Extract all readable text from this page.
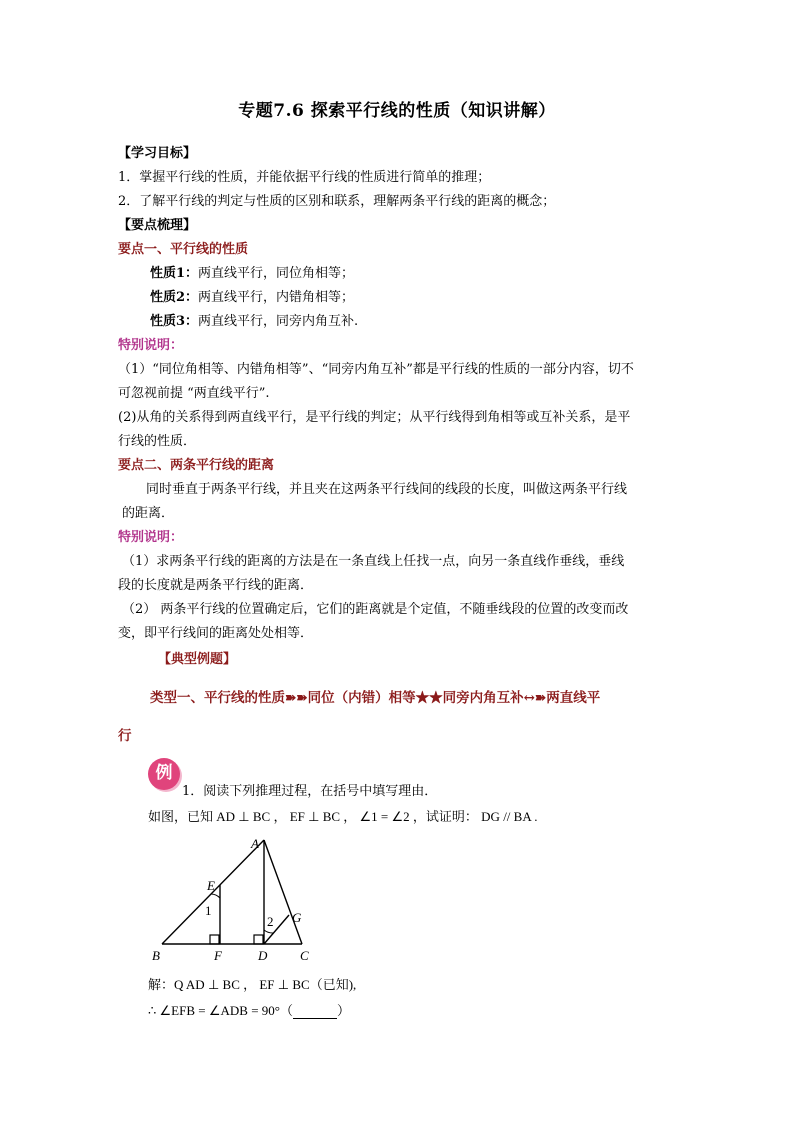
专题7.6 探索平行线的性质（知识讲解）
【学习目标】
1．掌握平行线的性质，并能依据平行线的性质进行简单的推理；
2．了解平行线的判定与性质的区别和联系，理解两条平行线的距离的概念；
【要点梳理】
要点一、平行线的性质
性质1：两直线平行，同位角相等；
性质2：两直线平行，内错角相等；
性质3：两直线平行，同旁内角互补.
特别说明：
（1）“同位角相等、内错角相等”、“同旁内角互补”都是平行线的性质的一部分内容，切不
可忽视前提 “两直线平行”.
(2)从角的关系得到两直线平行，是平行线的判定；从平行线得到角相等或互补关系，是平
行线的性质．
要点二、两条平行线的距离
同时垂直于两条平行线，并且夹在这两条平行线间的线段的长度，叫做这两条平行线
的距离．
特别说明：
（1）求两条平行线的距离的方法是在一条直线上任找一点，向另一条直线作垂线，垂线
段的长度就是两条平行线的距离．
（2） 两条平行线的位置确定后，它们的距离就是个定值，不随垂线段的位置的改变而改
变，即平行线间的距离处处相等．
【典型例题】
类型一、平行线的性质➽➽同位（内错）相等★★同旁内角互补↔➽两直线平
行
例
1．阅读下列推理过程，在括号中填写理由．
如图，已知 AD ⊥ BC ， EF ⊥ BC ， ∠1 = ∠2 ，试证明： DG // BA .
A
B	C
D
E
F
G
1
2
解：Q AD ⊥ BC ， EF ⊥ BC（已知),
∴ ∠EFB = ∠ADB = 90°（	）
